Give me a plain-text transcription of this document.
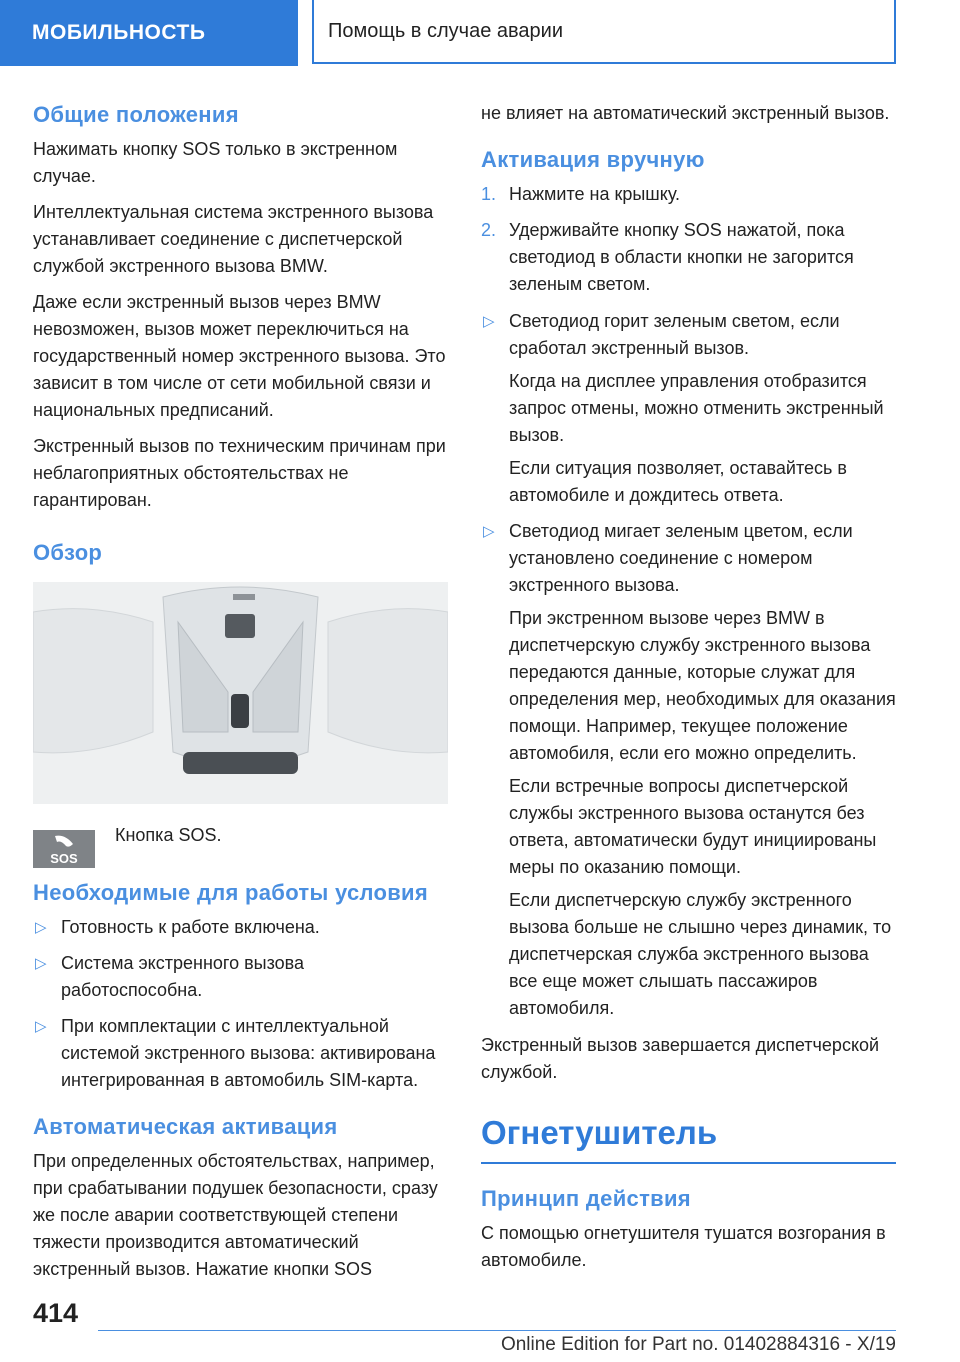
МОБИЛЬНОСТЬ	Помощь в случае аварии
Общие положения

Нажимать кнопку SOS только в экстренном случае.

Интеллектуальная система экстренного вызова устанавливает соединение с диспетчерской службой экстренного вызова BMW.

Даже если экстренный вызов через BMW невозможен, вызов может переключиться на государственный номер экстренного вызова. Это зависит в том числе от сети мобильной связи и национальных предписаний.

Экстренный вызов по техническим причинам при неблагоприятных обстоятельствах не гарантирован.

Обзор
SOS
Кнопка SOS.
Необходимые для работы условия
▷ Готовность к работе включена.
▷ Система экстренного вызова работоспособна.
▷ При комплектации с интеллектуальной системой экстренного вызова: активирована интегрированная в автомобиль SIM-карта.
Автоматическая активация

При определенных обстоятельствах, например, при срабатывании подушек безопасности, сразу же после аварии соответствующей степени тяжести производится автоматический экстренный вызов. Нажатие кнопки SOS

не влияет на автоматический экстренный вызов.

Активация вручную
1. Нажмите на крышку.
2. Удерживайте кнопку SOS нажатой, пока светодиод в области кнопки не загорится зеленым светом.
▷ Светодиод горит зеленым светом, если сработал экстренный вызов.

Когда на дисплее управления отобразится запрос отмены, можно отменить экстренный вызов.

Если ситуация позволяет, оставайтесь в автомобиле и дождитесь ответа.

▷ Светодиод мигает зеленым цветом, если установлено соединение с номером экстренного вызова.

При экстренном вызове через BMW в диспетчерскую службу экстренного вызова передаются данные, которые служат для определения мер, необходимых для оказания помощи. Например, текущее положение автомобиля, если его можно определить.

Если встречные вопросы диспетчерской службы экстренного вызова останутся без ответа, автоматически будут инициированы меры по оказанию помощи.

Если диспетчерскую службу экстренного вызова больше не слышно через динамик, то диспетчерская служба экстренного вызова все еще может слышать пассажиров автомобиля.

Экстренный вызов завершается диспетчерской службой.

Огнетушитель
Принцип действия

С помощью огнетушителя тушатся возгорания в автомобиле.

414
Online Edition for Part no. 01402884316 - X/19
